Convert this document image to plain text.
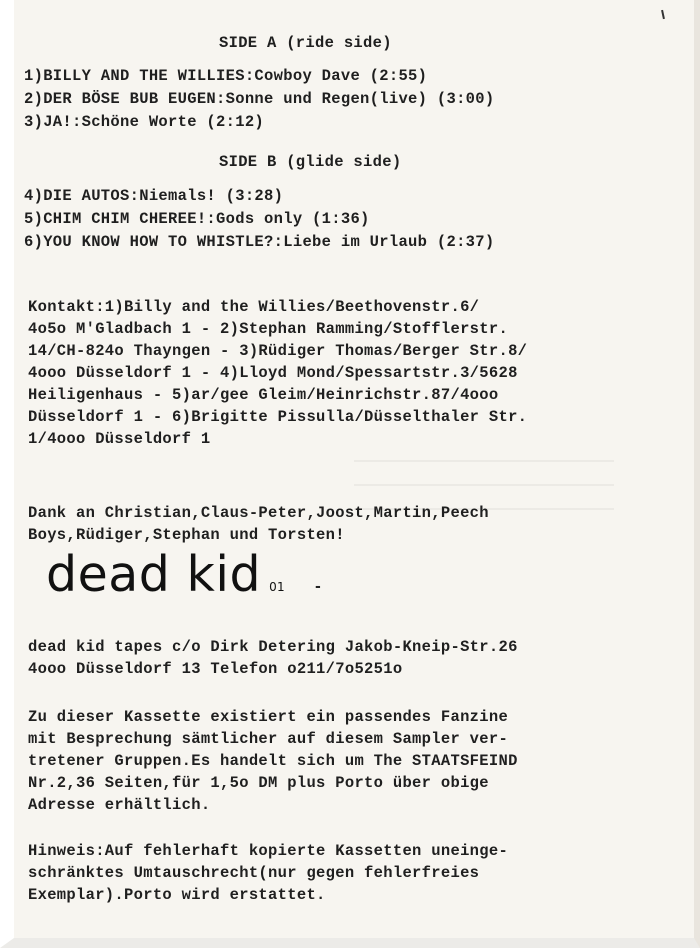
SIDE A (ride side)
1)BILLY AND THE WILLIES:Cowboy Dave (2:55)
2)DER BÖSE BUB EUGEN:Sonne und Regen(live) (3:00)
3)JA!:Schöne Worte (2:12)
SIDE B (glide side)
4)DIE AUTOS:Niemals! (3:28)
5)CHIM CHIM CHEREE!:Gods only (1:36)
6)YOU KNOW HOW TO WHISTLE?:Liebe im Urlaub (2:37)
Kontakt:1)Billy and the Willies/Beethovenstr.6/
4o5o M'Gladbach 1 - 2)Stephan Ramming/Stofflerstr.
14/CH-824o Thayngen - 3)Rüdiger Thomas/Berger Str.8/
4ooo Düsseldorf 1 - 4)Lloyd Mond/Spessartstr.3/5628
Heiligenhaus - 5)ar/gee Gleim/Heinrichstr.87/4ooo
Düsseldorf 1 - 6)Brigitte Pissulla/Düsselthaler Str.
1/4ooo Düsseldorf 1
Dank an Christian,Claus-Peter,Joost,Martin,Peech
Boys,Rüdiger,Stephan und Torsten!
dead kid 01 -
dead kid tapes c/o Dirk Detering Jakob-Kneip-Str.26
4ooo Düsseldorf 13 Telefon o211/7o5251o
Zu dieser Kassette existiert ein passendes Fanzine
mit Besprechung sämtlicher auf diesem Sampler ver-
tretener Gruppen.Es handelt sich um The STAATSFEIND
Nr.2,36 Seiten,für 1,5o DM plus Porto über obige
Adresse erhältlich.
Hinweis:Auf fehlerhaft kopierte Kassetten uneinge-
schränktes Umtauschrecht(nur gegen fehlerfreies
Exemplar).Porto wird erstattet.
